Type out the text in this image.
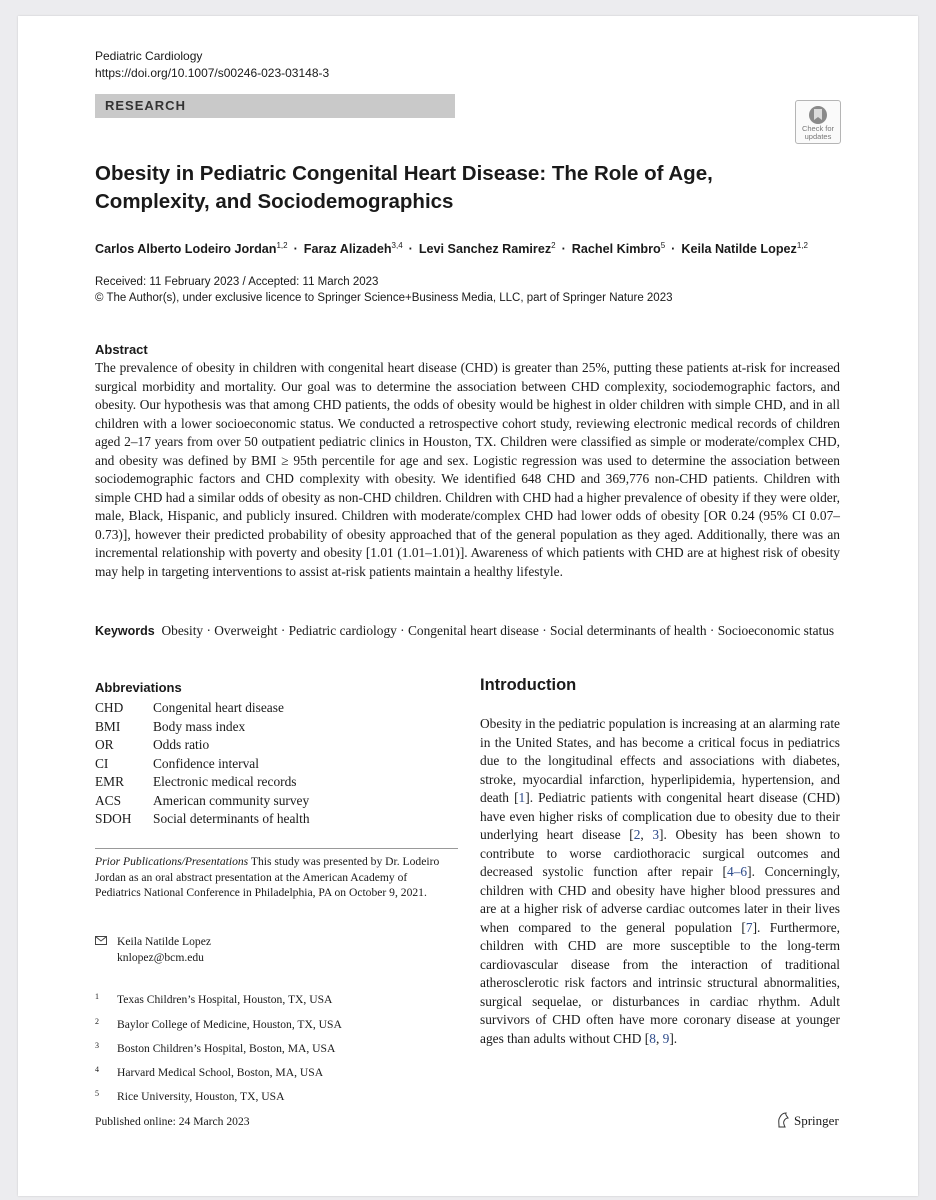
Pediatric Cardiology
https://doi.org/10.1007/s00246-023-03148-3
RESEARCH
Check for
updates
Obesity in Pediatric Congenital Heart Disease: The Role of Age, Complexity, and Sociodemographics
Carlos Alberto Lodeiro Jordan$^{1,2}$ · Faraz Alizadeh$^{3,4}$ · Levi Sanchez Ramirez$^2$ · Rachel Kimbro$^5$ · Keila Natilde Lopez$^{1,2}$
Received: 11 February 2023 / Accepted: 11 March 2023
© The Author(s), under exclusive licence to Springer Science+Business Media, LLC, part of Springer Nature 2023
Abstract
The prevalence of obesity in children with congenital heart disease (CHD) is greater than 25%, putting these patients at-risk for increased surgical morbidity and mortality. Our goal was to determine the association between CHD complexity, sociodemographic factors, and obesity. Our hypothesis was that among CHD patients, the odds of obesity would be highest in older children with simple CHD, and in all children with a lower socioeconomic status. We conducted a retrospective cohort study, reviewing electronic medical records of children aged 2–17 years from over 50 outpatient pediatric clinics in Houston, TX. Children were classified as simple or moderate/complex CHD, and obesity was defined by BMI ≥ 95th percentile for age and sex. Logistic regression was used to determine the association between sociodemographic factors and CHD complexity with obesity. We identified 648 CHD and 369,776 non-CHD patients. Children with simple CHD had a similar odds of obesity as non-CHD children. Children with CHD had a higher prevalence of obesity if they were older, male, Black, Hispanic, and publicly insured. Children with moderate/complex CHD had lower odds of obesity [OR 0.24 (95% CI 0.07–0.73)], however their predicted probability of obesity approached that of the general population as they aged. Additionally, there was an incremental relationship with poverty and obesity [1.01 (1.01–1.01)]. Awareness of which patients with CHD are at highest risk of obesity may help in targeting interventions to assist at-risk patients maintain a healthy lifestyle.
Keywords Obesity · Overweight · Pediatric cardiology · Congenital heart disease · Social determinants of health · Socioeconomic status
Abbreviations
CHD	Congenital heart disease
BMI	Body mass index
OR	Odds ratio
CI	Confidence interval
EMR	Electronic medical records
ACS	American community survey
SDOH	Social determinants of health
Prior Publications/Presentations This study was presented by Dr. Lodeiro Jordan as an oral abstract presentation at the American Academy of Pediatrics National Conference in Philadelphia, PA on October 9, 2021.
Keila Natilde Lopez
knlopez@bcm.edu
1 Texas Children’s Hospital, Houston, TX, USA
2 Baylor College of Medicine, Houston, TX, USA
3 Boston Children’s Hospital, Boston, MA, USA
4 Harvard Medical School, Boston, MA, USA
5 Rice University, Houston, TX, USA
Published online: 24 March 2023
Introduction
Obesity in the pediatric population is increasing at an alarming rate in the United States, and has become a critical focus in pediatrics due to the longitudinal effects and associations with diabetes, stroke, myocardial infarction, hyperlipidemia, hypertension, and death [1]. Pediatric patients with congenital heart disease (CHD) have even higher risks of complication due to obesity due to their underlying heart disease [2, 3]. Obesity has been shown to contribute to worse cardiothoracic surgical outcomes and decreased systolic function after repair [4–6]. Concerningly, children with CHD and obesity have higher blood pressures and are at a higher risk of adverse cardiac outcomes later in their lives when compared to the general population [7]. Furthermore, children with CHD are more susceptible to the long-term cardiovascular disease from the interaction of traditional atherosclerotic risk factors and intrinsic structural abnormalities, surgical sequelae, or disturbances in cardiac rhythm. Adult survivors of CHD often have more coronary disease at younger ages than adults without CHD [8, 9].
Springer
